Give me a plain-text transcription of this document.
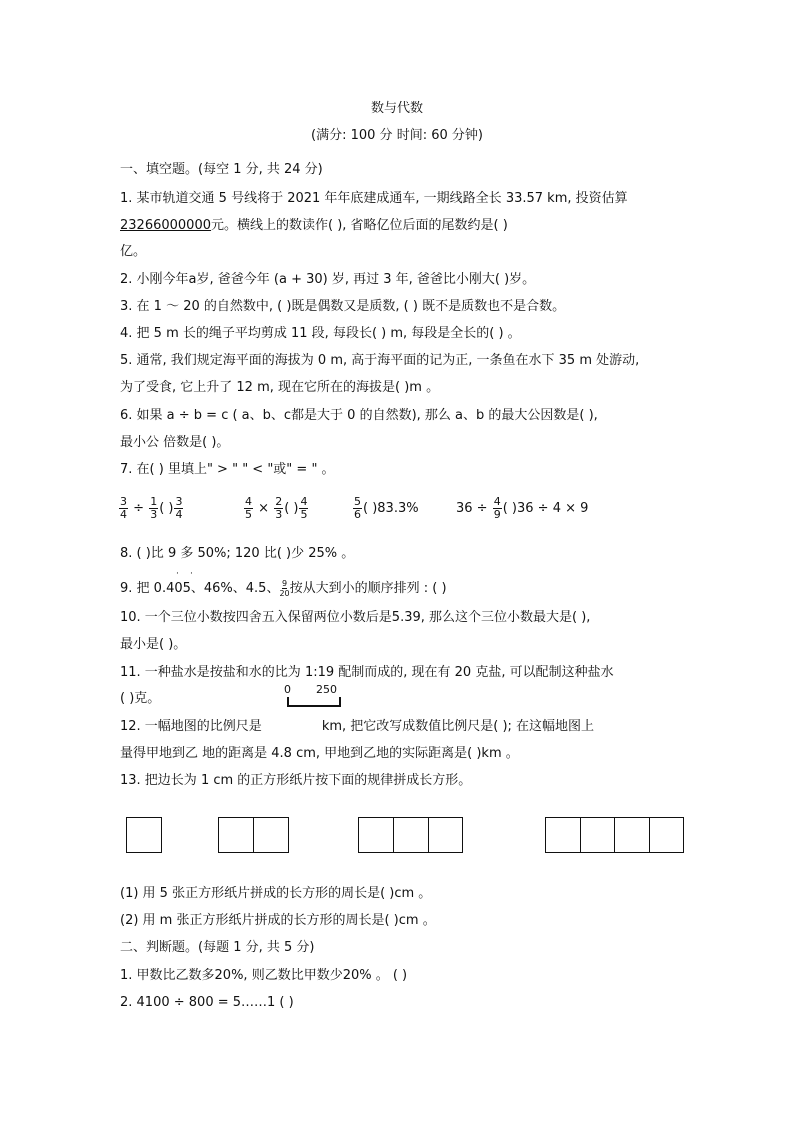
数与代数
(满分: 100 分 时间: 60 分钟)
一、填空题。(每空 1 分, 共 24 分)
1. 某市轨道交通 5 号线将于 2021 年年底建成通车, 一期线路全长 33.57 km, 投资估算
23266000000元。横线上的数读作( ), 省略亿位后面的尾数约是( )
亿。
2. 小刚今年a岁, 爸爸今年 (a + 30) 岁, 再过 3 年, 爸爸比小刚大( )岁。
3. 在 1 ～ 20 的自然数中, ( )既是偶数又是质数, ( ) 既不是质数也不是合数。
4. 把 5 m 长的绳子平均剪成 11 段, 每段长( ) m, 每段是全长的( ) 。
5. 通常, 我们规定海平面的海拔为 0 m, 高于海平面的记为正, 一条鱼在水下 35 m 处游动,
为了受食, 它上升了 12 m, 现在它所在的海拔是( )m 。
6. 如果 a ÷ b = c ( a、b、c都是大于 0 的自然数), 那么 a、b 的最大公因数是( ),
最小公 倍数是( )。
7. 在( ) 里填上" > " " < "或" = " 。
$\frac{3}{4} \div \frac{1}{3}$ ( ) $\frac{3}{4}$	$\frac{4}{5} \times \frac{2}{3}$ ( ) $\frac{4}{5}$	$\frac{5}{6}$ ( )83.3%	$36 \div \frac{4}{9}$ ( )36 ÷ 4 × 9
8. ( )比 9 多 50%; 120 比( )少 25% 。
· ·
9. 把 0.405、46%、4.5、 $\frac{9}{20}$ 按从大到小的顺序排列 : ( )
10. 一个三位小数按四舍五入保留两位小数后是5.39, 那么这个三位小数最大是( ),
最小是( )。
11. 一种盐水是按盐和水的比为 1:19 配制而成的, 现在有 20 克盐, 可以配制这种盐水
( )克。
0 250
12. 一幅地图的比例尺是	km, 把它改写成数值比例尺是( ); 在这幅地图上
量得甲地到乙 地的距离是 4.8 cm, 甲地到乙地的实际距离是( )km 。
13. 把边长为 1 cm 的正方形纸片按下面的规律拼成长方形。
(1) 用 5 张正方形纸片拼成的长方形的周长是( )cm 。
(2) 用 m 张正方形纸片拼成的长方形的周长是( )cm 。
二、判断题。(每题 1 分, 共 5 分)
1. 甲数比乙数多20%, 则乙数比甲数少20% 。 ( )
2. 4100 ÷ 800 = 5……1 ( )
